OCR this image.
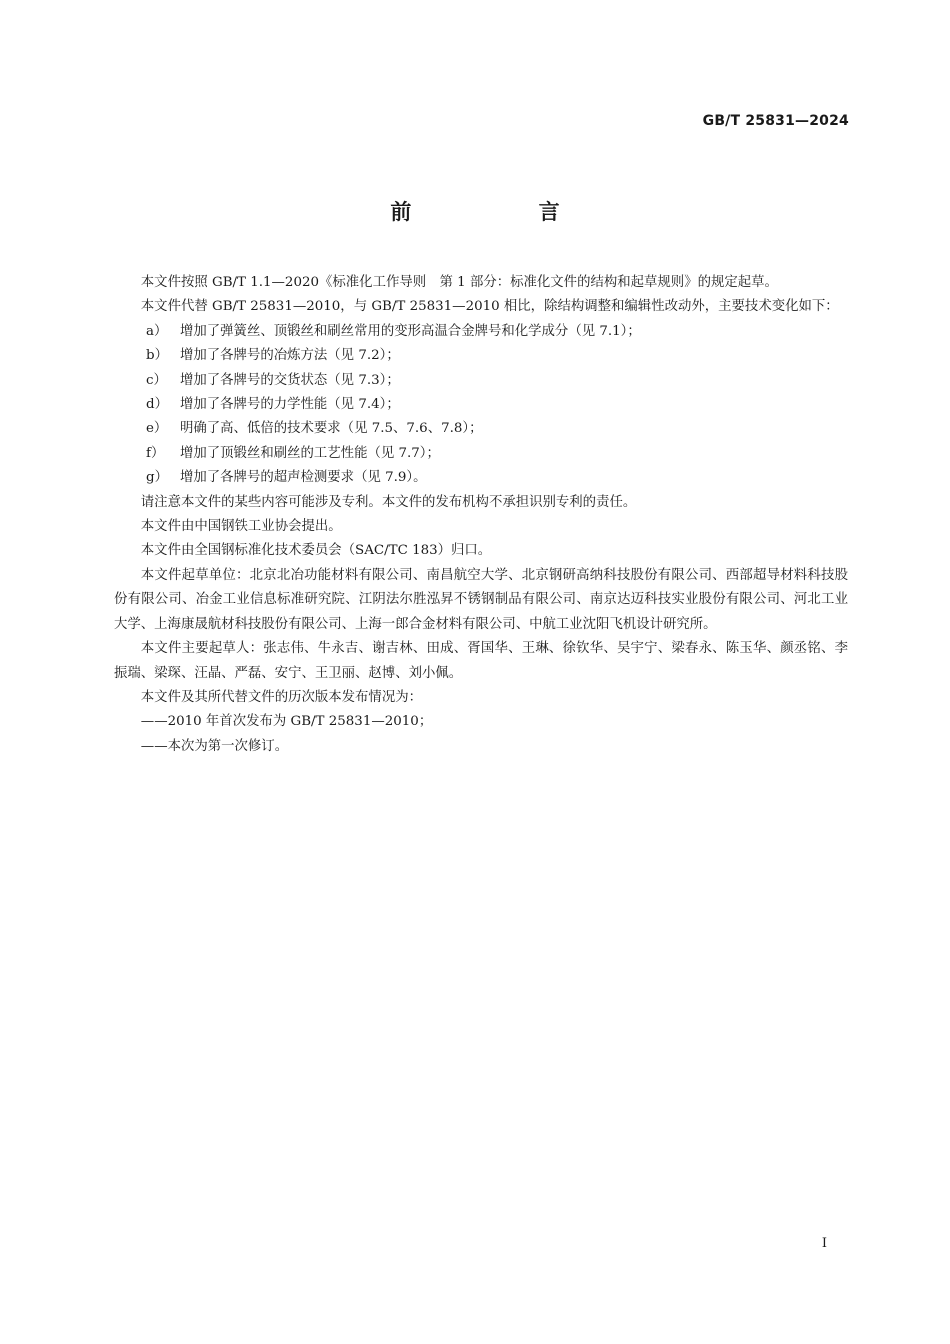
GB/T 25831—2024
前 言

本文件按照 GB/T 1.1—2020《标准化工作导则　第 1 部分：标准化文件的结构和起草规则》的规定起草。

本文件代替 GB/T 25831—2010，与 GB/T 25831—2010 相比，除结构调整和编辑性改动外，主要技术变化如下：

a） 增加了弹簧丝、顶锻丝和刷丝常用的变形高温合金牌号和化学成分（见 7.1）；

b） 增加了各牌号的冶炼方法（见 7.2）；

c） 增加了各牌号的交货状态（见 7.3）；

d） 增加了各牌号的力学性能（见 7.4）；

e） 明确了高、低倍的技术要求（见 7.5、7.6、7.8）；

f） 增加了顶锻丝和刷丝的工艺性能（见 7.7）；

g） 增加了各牌号的超声检测要求（见 7.9）。

请注意本文件的某些内容可能涉及专利。本文件的发布机构不承担识别专利的责任。

本文件由中国钢铁工业协会提出。

本文件由全国钢标准化技术委员会（SAC/TC 183）归口。

本文件起草单位：北京北冶功能材料有限公司、南昌航空大学、北京钢研高纳科技股份有限公司、西部超导材料科技股份有限公司、冶金工业信息标准研究院、江阴法尔胜泓昇不锈钢制品有限公司、南京达迈科技实业股份有限公司、河北工业大学、上海康晟航材科技股份有限公司、上海一郎合金材料有限公司、中航工业沈阳飞机设计研究所。

本文件主要起草人：张志伟、牛永吉、谢吉林、田成、胥国华、王琳、徐钦华、吴宇宁、梁春永、陈玉华、颜丞铭、李振瑞、梁琛、汪晶、严磊、安宁、王卫丽、赵博、刘小佩。

本文件及其所代替文件的历次版本发布情况为：

——2010 年首次发布为 GB/T 25831—2010；

——本次为第一次修订。

I
